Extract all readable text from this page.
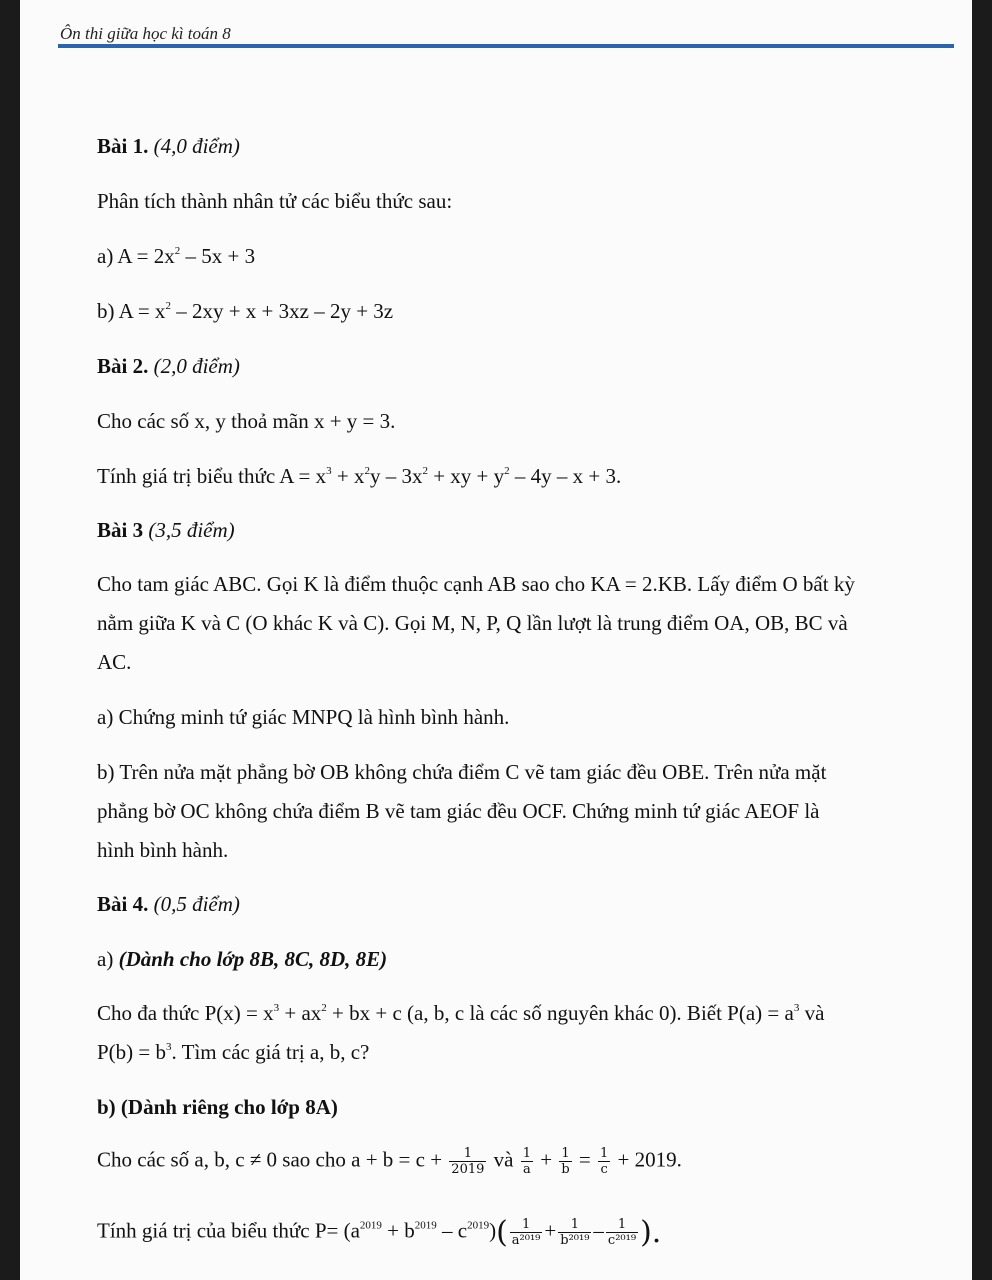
Ôn thi giữa học kì toán 8
Bài 1. (4,0 điểm)
Phân tích thành nhân tử các biểu thức sau:
a) $A = 2x^2 - 5x + 3$
b) $A = x^2 - 2xy + x + 3xz - 2y + 3z$
Bài 2. (2,0 điểm)
Cho các số x, y thoả mãn x + y = 3.
Tính giá trị biểu thức $A = x^3 + x^2y - 3x^2$ + xy + $y^2 - 4y - x + 3$.
Bài 3 (3,5 điểm)
Cho tam giác ABC. Gọi K là điểm thuộc cạnh AB sao cho KA = 2.KB. Lấy điểm O bất kỳ
nằm giữa K và C (O khác K và C). Gọi M, N, P, Q lần lượt là trung điểm OA, OB, BC và
AC.
a) Chứng minh tứ giác MNPQ là hình bình hành.
b) Trên nửa mặt phẳng bờ OB không chứa điểm C vẽ tam giác đều OBE. Trên nửa mặt
phẳng bờ OC không chứa điểm B vẽ tam giác đều OCF. Chứng minh tứ giác AEOF là
hình bình hành.
Bài 4. (0,5 điểm)
a) (Dành cho lớp 8B, 8C, 8D, 8E)
Cho đa thức $P(x) = x^3 + ax^2$ + bx + c (a, b, c là các số nguyên khác 0). Biết $P(a) = a^3$ và
$P(b) = b^3$. Tìm các giá trị a, b, c?
b) (Dành riêng cho lớp 8A)
Cho các số a, b, c ≠ 0 sao cho $a + b = c + \frac{1}{2019}$ và $\frac{1}{a} + \frac{1}{b} = \frac{1}{c} + 2019$.
Tính giá trị của biểu thức $P= (a^{2019} + b^{2019} - c^{2019})( \frac{1}{\text{a²⁰¹⁹}} + \frac{1}{\text{b²⁰¹⁹}} - \frac{1}{\text{c²⁰¹⁹}}$ ).
